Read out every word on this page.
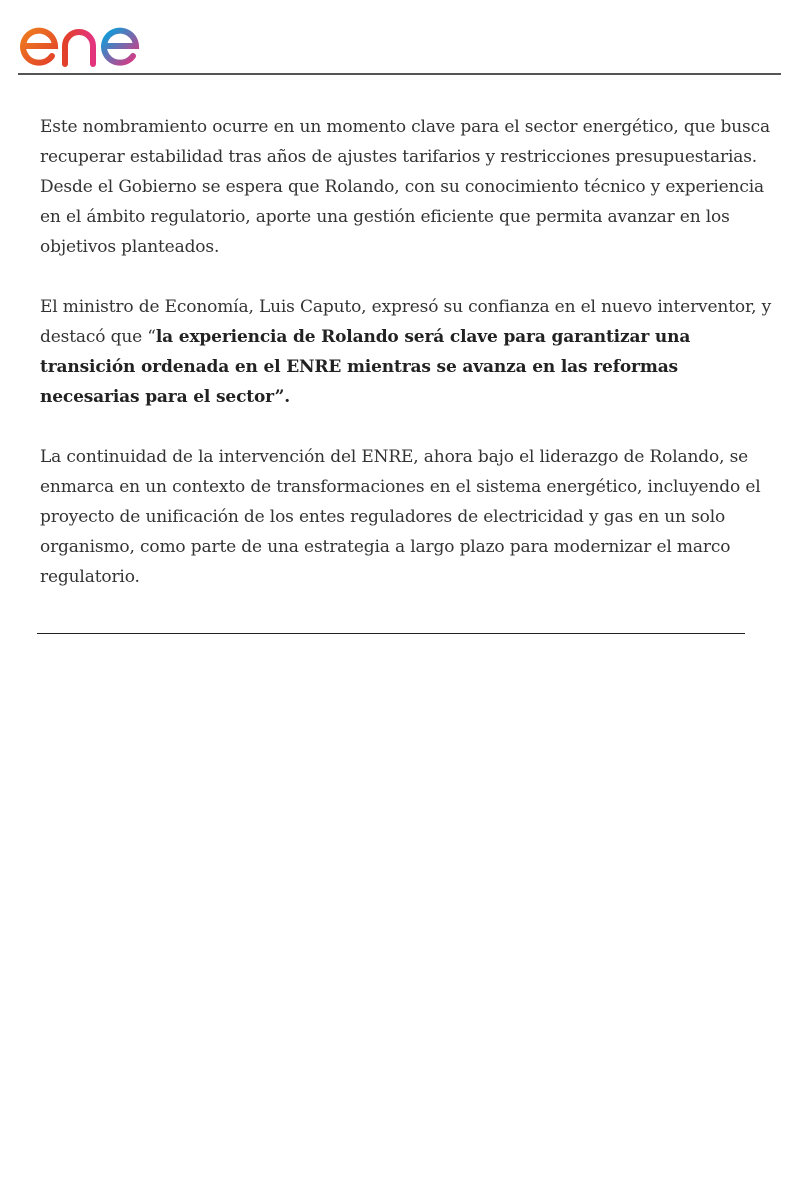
Este nombramiento ocurre en un momento clave para el sector energético, que busca recuperar estabilidad tras años de ajustes tarifarios y restricciones presupuestarias. Desde el Gobierno se espera que Rolando, con su conocimiento técnico y experiencia en el ámbito regulatorio, aporte una gestión eficiente que permita avanzar en los objetivos planteados.

El ministro de Economía, Luis Caputo, expresó su confianza en el nuevo interventor, y destacó que “la experiencia de Rolando será clave para garantizar una transición ordenada en el ENRE mientras se avanza en las reformas necesarias para el sector”.

La continuidad de la intervención del ENRE, ahora bajo el liderazgo de Rolando, se enmarca en un contexto de transformaciones en el sistema energético, incluyendo el proyecto de unificación de los entes reguladores de electricidad y gas en un solo organismo, como parte de una estrategia a largo plazo para modernizar el marco regulatorio.
